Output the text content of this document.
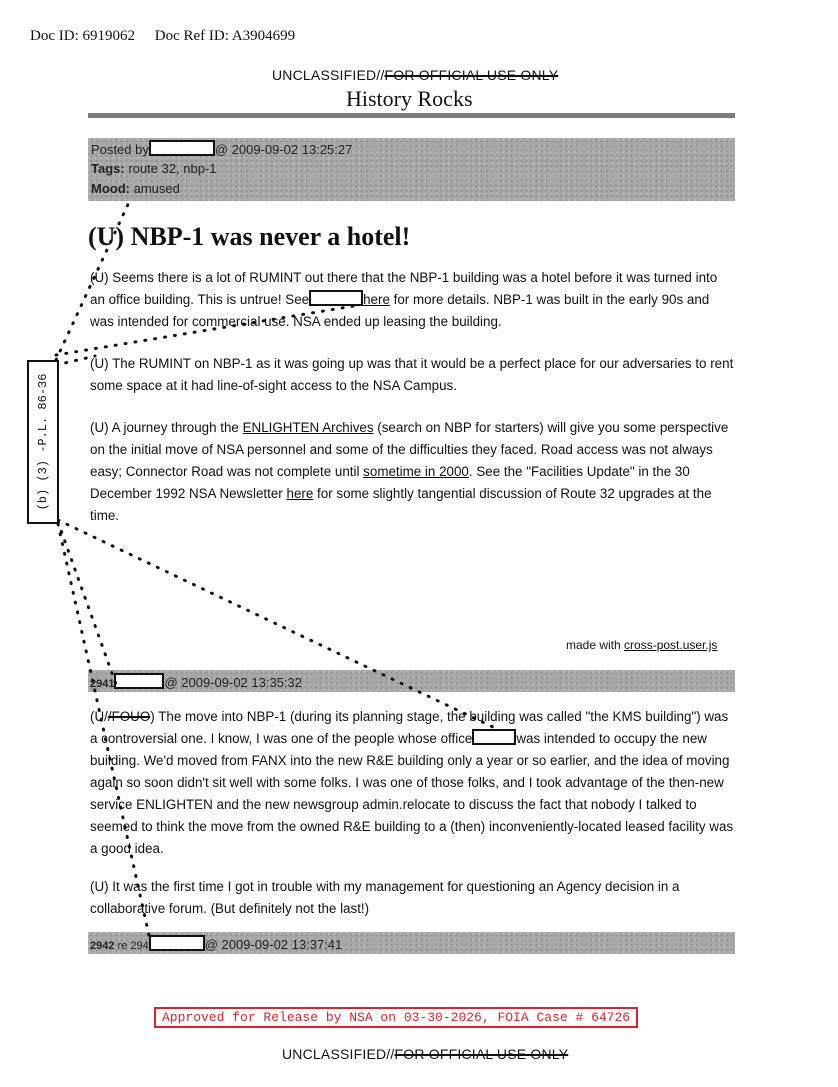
Doc ID: 6919062 Doc Ref ID: A3904699
UNCLASSIFIED//FOR OFFICIAL USE ONLY
History Rocks
Posted by	@ 2009-09-02 13:25:27
Tags: route 32, nbp-1
Mood: amused
(U) NBP-1 was never a hotel!
(U) Seems there is a lot of RUMINT out there that the NBP-1 building was a hotel before it was turned into an office building. This is untrue! See	here for more details. NBP-1 was built in the early 90s and was intended for commercial use. NSA ended up leasing the building.
(U) The RUMINT on NBP-1 as it was going up was that it would be a perfect place for our adversaries to rent some space at it had line-of-sight access to the NSA Campus.
(U) A journey through the ENLIGHTEN Archives (search on NBP for starters) will give you some perspective on the initial move of NSA personnel and some of the difficulties they faced. Road access was not always easy; Connector Road was not complete until sometime in 2000. See the "Facilities Update" in the 30 December 1992 NSA Newsletter here for some slightly tangential discussion of Route 32 upgrades at the time.
made with cross-post.user.js
2941	@ 2009-09-02 13:35:32
(U//FOUO) The move into NBP-1 (during its planning stage, the building was called "the KMS building") was a controversial one. I know, I was one of the people whose office	was intended to occupy the new building. We'd moved from FANX into the new R&E building only a year or so earlier, and the idea of moving again so soon didn't sit well with some folks. I was one of those folks, and I took advantage of the then-new service ENLIGHTEN and the new newsgroup admin.relocate to discuss the fact that nobody I talked to seemed to think the move from the owned R&E building to a (then) inconveniently-located leased facility was a good idea.
(U) It was the first time I got in trouble with my management for questioning an Agency decision in a collaborative forum. (But definitely not the last!)
2942 re 294	@ 2009-09-02 13:37:41
(b) (3) -P.L. 86-36
Approved for Release by NSA on 03-30-2026, FOIA Case # 64726
UNCLASSIFIED//FOR OFFICIAL USE ONLY
